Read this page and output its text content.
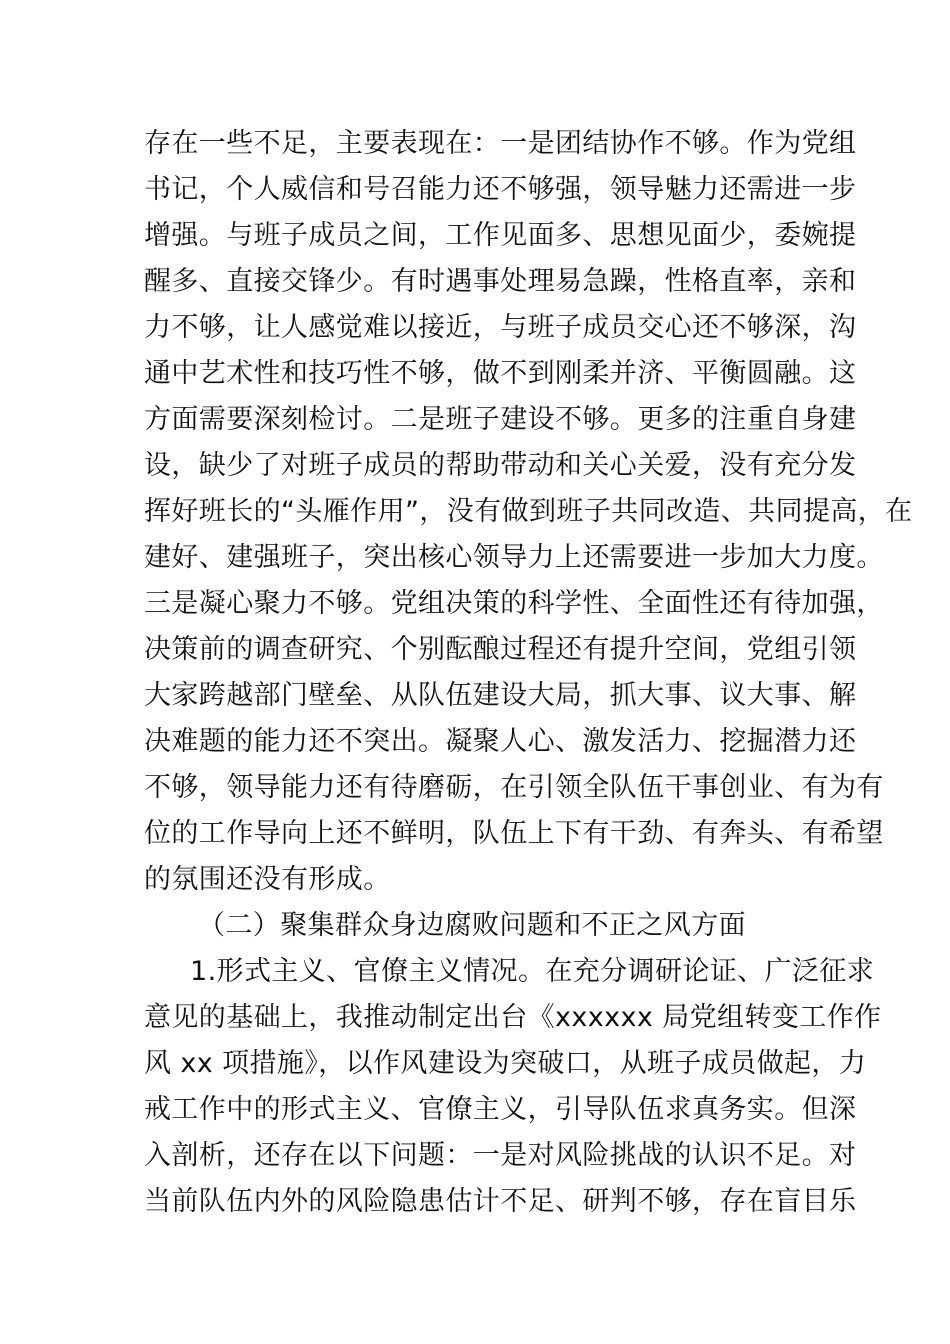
存在一些不足，主要表现在：一是团结协作不够。作为党组
书记，个人威信和号召能力还不够强，领导魅力还需进一步
增强。与班子成员之间，工作见面多、思想见面少，委婉提
醒多、直接交锋少。有时遇事处理易急躁，性格直率，亲和
力不够，让人感觉难以接近，与班子成员交心还不够深，沟
通中艺术性和技巧性不够，做不到刚柔并济、平衡圆融。这
方面需要深刻检讨。二是班子建设不够。更多的注重自身建
设，缺少了对班子成员的帮助带动和关心关爱，没有充分发
挥好班长的“头雁作用”，没有做到班子共同改造、共同提高，在
建好、建强班子，突出核心领导力上还需要进一步加大力度。
三是凝心聚力不够。党组决策的科学性、全面性还有待加强，
决策前的调查研究、个别酝酿过程还有提升空间，党组引领
大家跨越部门壁垒、从队伍建设大局，抓大事、议大事、解
决难题的能力还不突出。凝聚人心、激发活力、挖掘潜力还
不够，领导能力还有待磨砺，在引领全队伍干事创业、有为有
位的工作导向上还不鲜明，队伍上下有干劲、有奔头、有希望
的氛围还没有形成。
（二）聚集群众身边腐败问题和不正之风方面
1.形式主义、官僚主义情况。在充分调研论证、广泛征求
意见的基础上，我推动制定出台《xxxxxx 局党组转变工作作
风 xx 项措施》，以作风建设为突破口，从班子成员做起，力
戒工作中的形式主义、官僚主义，引导队伍求真务实。但深
入剖析，还存在以下问题：一是对风险挑战的认识不足。对
当前队伍内外的风险隐患估计不足、研判不够，存在盲目乐
